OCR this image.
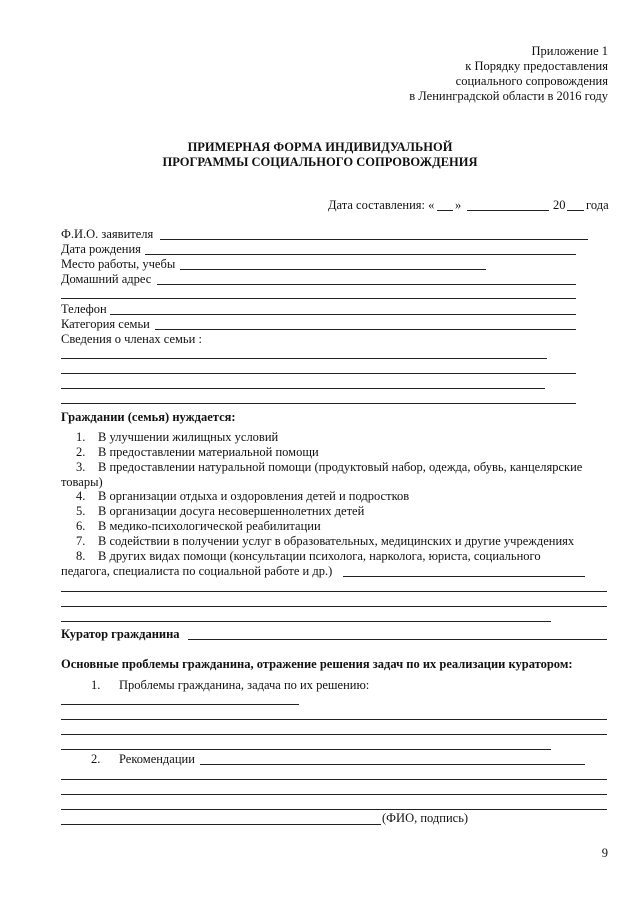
Приложение 1
к Порядку предоставления
социального сопровождения
в Ленинградской области в 2016 году
ПРИМЕРНАЯ ФОРМА ИНДИВИДУАЛЬНОЙ
ПРОГРАММЫ СОЦИАЛЬНОГО СОПРОВОЖДЕНИЯ
Дата составления: « »	20 года
Ф.И.О. заявителя
Дата рождения
Место работы, учебы
Домашний адрес
Телефон
Категория семьи
Сведения о членах семьи :
Граждании (семья) нуждается:
1. В улучшении жилищных условий
2. В предоставлении материальной помощи
3. В предоставлении натуральной помощи (продуктовый набор, одежда, обувь, канцелярские
товары)
4. В организации отдыха и оздоровления детей и подростков
5. В организации досуга несовершеннолетних детей
6. В медико-психологической реабилитации
7. В содействии в получении услуг в образовательных, медицинских и другие учреждениях
8. В других видах помощи (консультации психолога, нарколога, юриста, социального
педагога, специалиста по социальной работе и др.)
Куратор гражданина
Основные проблемы гражданина, отражение решения задач по их реализации куратором:
1. Проблемы гражданина, задача по их решению:
2. Рекомендации
(ФИО, подпись)
9
